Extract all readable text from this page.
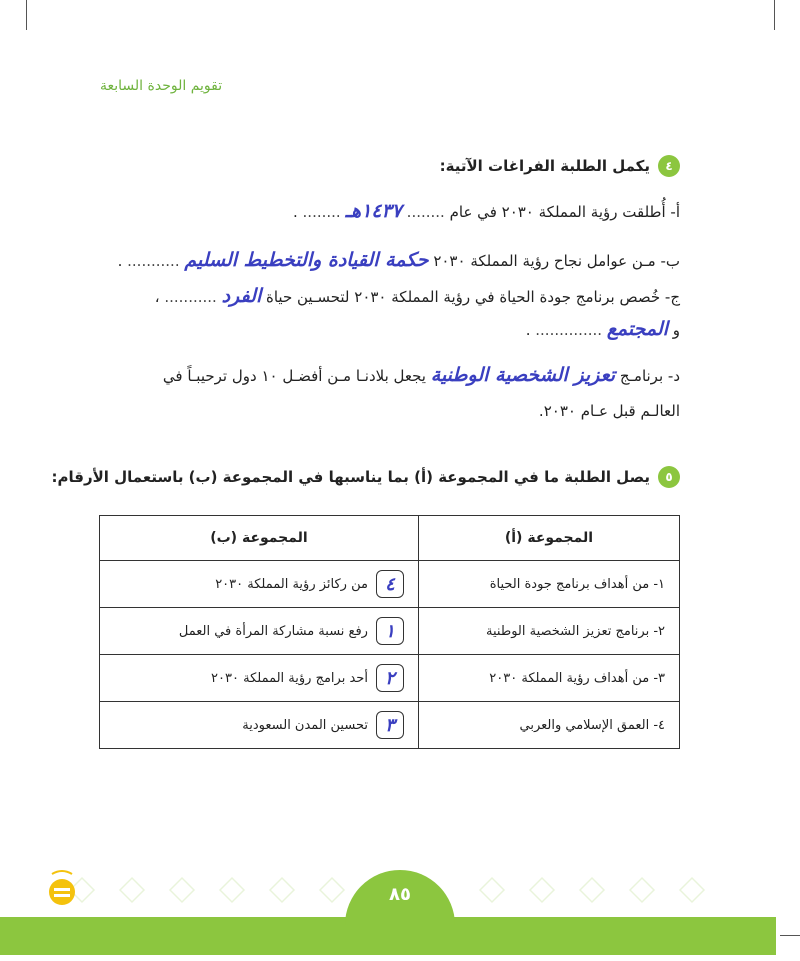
تقويم الوحدة السابعة
٤
يكمل الطلبة الفراغات الآتية:
أ- أُطلقت رؤية المملكة ٢٠٣٠ في عام ........ ١٤٣٧هـ ........ .
ب- مـن عوامل نجاح رؤية المملكة ٢٠٣٠ حكمة القيادة والتخطيط السليم ........... .
ج- خُصص برنامج جودة الحياة في رؤية المملكة ٢٠٣٠ لتحسـين حياة الفرد ........... ،
و المجتمع .............. .
د- برنامـج تعزيز الشخصية الوطنية يجعل بلادنـا مـن أفضـل ١٠ دول ترحيبـاً في
العالـم قبل عـام ٢٠٣٠.
٥
يصل الطلبة ما في المجموعة (أ) بما يناسبها في المجموعة (ب) باستعمال الأرقام:
المجموعة (أ)	المجموعة (ب)
١- من أهداف برنامج جودة الحياة	٤
من ركائز رؤية المملكة ٢٠٣٠

٢- برنامج تعزيز الشخصية الوطنية	١
رفع نسبة مشاركة المرأة في العمل

٣- من أهداف رؤية المملكة ٢٠٣٠	٢
أحد برامج رؤية المملكة ٢٠٣٠

٤- العمق الإسلامي والعربي	٣
تحسين المدن السعودية
٨٥
